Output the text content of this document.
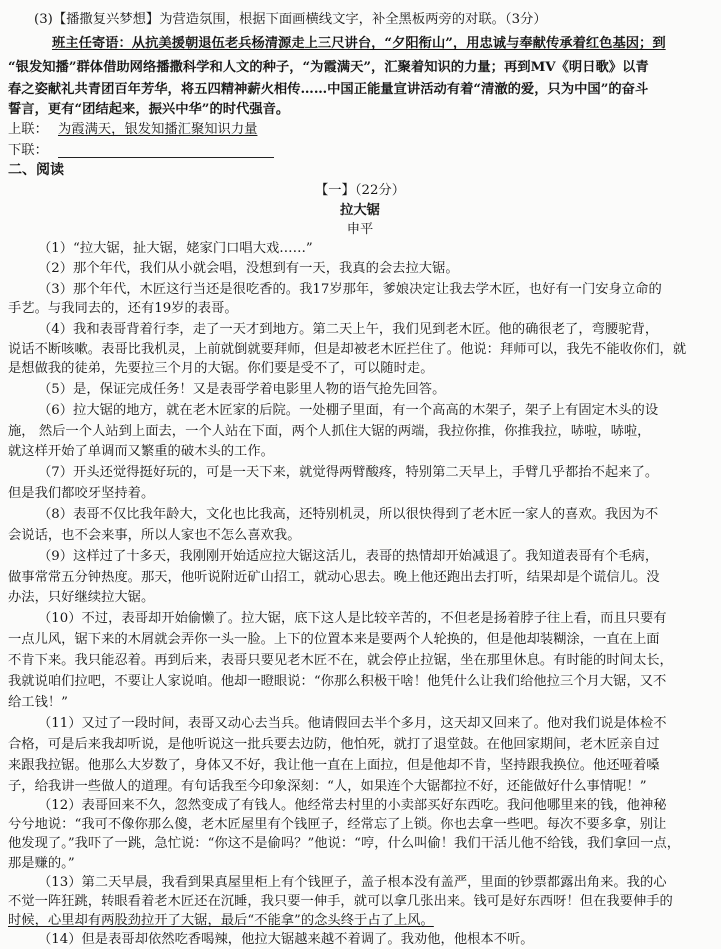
(3)【播撒复兴梦想】为营造氛围，根据下面画横线文字，补全黑板两旁的对联。（3分）
班主任寄语：从抗美援朝退伍老兵杨清源走上三尺讲台，“夕阳衔山”，用忠诚与奉献传承着红色基因；到
“银发知播”群体借助网络播撒科学和人文的种子，“为霞满天”，汇聚着知识的力量；再到MV《明日歌》以青
春之姿献礼共青团百年芳华，将五四精神薪火相传……中国正能量宣讲活动有着“清澈的爱，只为中国”的奋斗
誓言，更有“团结起来，振兴中华”的时代强音。
上联： 为霞满天，银发知播汇聚知识力量
下联：
二、阅读
【一】（22分）
拉大锯
申平
（1）“拉大锯，扯大锯，姥家门口唱大戏……”
（2）那个年代，我们从小就会唱，没想到有一天，我真的会去拉大锯。
（3）那个年代，木匠这行当还是很吃香的。我17岁那年，爹娘决定让我去学木匠，也好有一门安身立命的
手艺。与我同去的，还有19岁的表哥。
（4）我和表哥背着行李，走了一天才到地方。第二天上午，我们见到老木匠。他的确很老了，弯腰驼背，
说话不断咳嗽。表哥比我机灵，上前就倒就要拜师，但是却被老木匠拦住了。他说：拜师可以，我先不能收你们，就
是想做我的徒弟，先要拉三个月的大锯。你们要是受不了，可以随时走。
（5）是，保证完成任务！又是表哥学着电影里人物的语气抢先回答。
（6）拉大锯的地方，就在老木匠家的后院。一处棚子里面，有一个高高的木架子，架子上有固定木头的设
施， 然后一个人站到上面去，一个人站在下面，两个人抓住大锯的两端，我拉你推，你推我拉，哧啦，哧啦，
就这样开始了单调而又繁重的破木头的工作。
（7）开头还觉得挺好玩的，可是一天下来，就觉得两臂酸疼，特别第二天早上，手臂几乎都抬不起来了。
但是我们都咬牙坚持着。
（8）表哥不仅比我年龄大，文化也比我高，还特别机灵，所以很快得到了老木匠一家人的喜欢。我因为不
会说话，也不会来事，所以人家也不怎么喜欢我。
（9）这样过了十多天，我刚刚开始适应拉大锯这活儿，表哥的热情却开始减退了。我知道表哥有个毛病，
做事常常五分钟热度。那天，他听说附近矿山招工，就动心思去。晚上他还跑出去打听，结果却是个谎信儿。没
办法，只好继续拉大锯。
（10）不过，表哥却开始偷懒了。拉大锯，底下这人是比较辛苦的，不但老是扬着脖子往上看，而且只要有
一点儿风，锯下来的木屑就会弄你一头一脸。上下的位置本来是要两个人轮换的，但是他却装糊涂，一直在上面
不肯下来。我只能忍着。再到后来，表哥只要见老木匠不在，就会停止拉锯，坐在那里休息。有时能的时间太长，
我就说咱们拉吧，不要让人家说咱。他却一瞪眼说：“你那么积极干啥！他凭什么让我们给他拉三个月大锯，又不
给工钱！”
（11）又过了一段时间，表哥又动心去当兵。他请假回去半个多月，这天却又回来了。他对我们说是体检不
合格，可是后来我却听说，是他听说这一批兵要去边防，他怕死，就打了退堂鼓。在他回家期间，老木匠亲自过
来跟我拉锯。他那么大岁数了，身体又不好，我让他一直在上面拉，但是他却不肯，坚持跟我换位。他还哑着嗓
子，给我讲一些做人的道理。有句话我至今印象深刻：“人，如果连个大锯都拉不好，还能做好什么事情呢！”
（12）表哥回来不久，忽然变成了有钱人。他经常去村里的小卖部买好东西吃。我问他哪里来的钱，他神秘
兮兮地说：“我可不像你那么傻，老木匠屋里有个钱匣子，经常忘了上锁。你也去拿一些吧。每次不要多拿，别让
他发现了。”我吓了一跳，急忙说：“你这不是偷吗？”他说：“哼，什么叫偷！我们干活儿他不给钱，我们拿回一点，
那是赚的。”
（13）第二天早晨，我看到果真屋里柜上有个钱匣子，盖子根本没有盖严，里面的钞票都露出角来。我的心
不觉一阵狂跳，转眼看着老木匠还在沉睡，我只要一伸手，就可以拿几张出来。钱可是好东西呀！但在我要伸手的
时候，心里却有两股劲拉开了大锯，最后“不能拿”的念头终于占了上风。
（14）但是表哥却依然吃香喝辣，他拉大锯越来越不着调了。我劝他，他根本不听。
